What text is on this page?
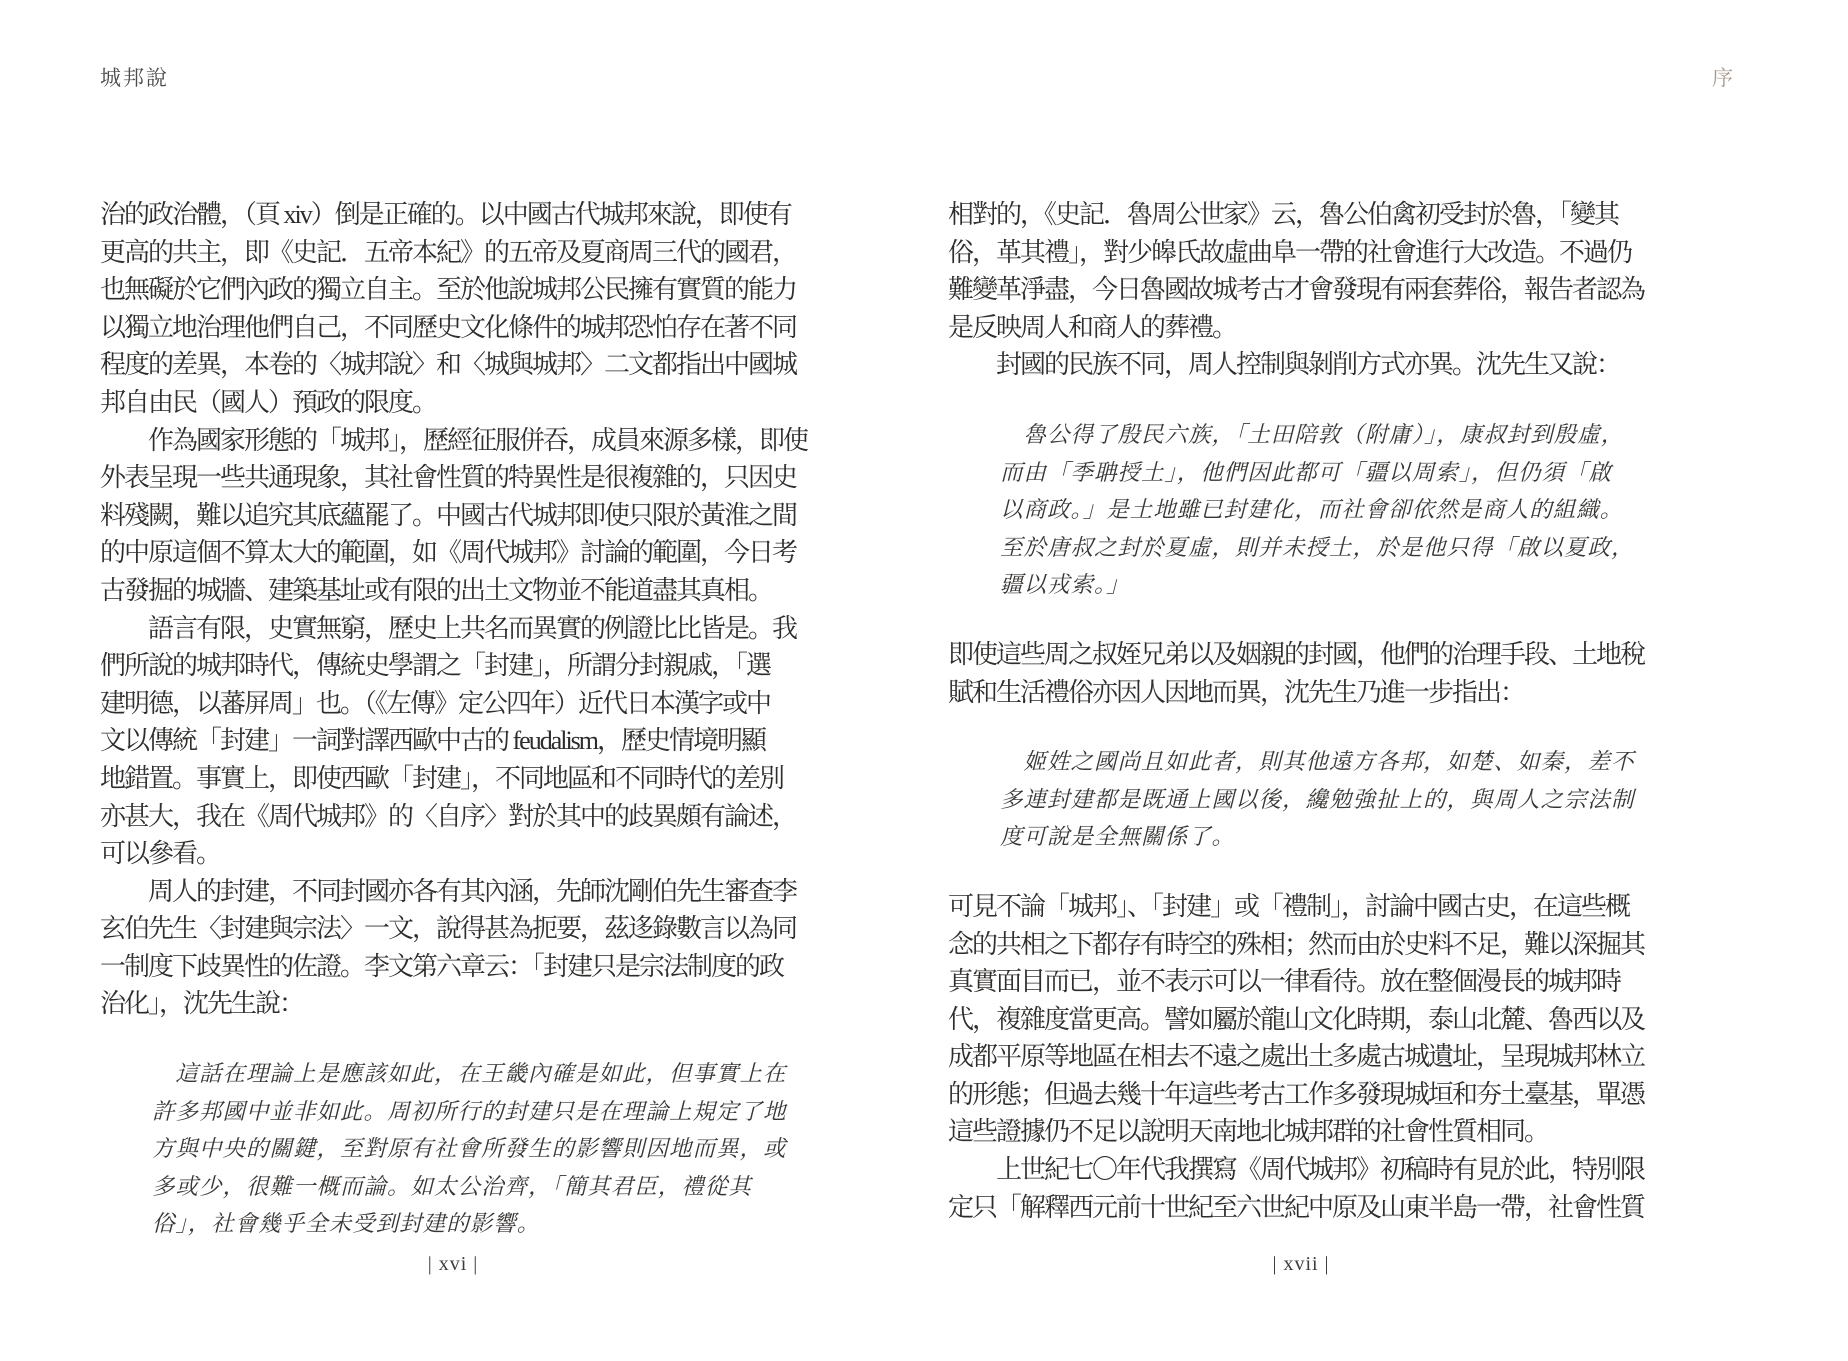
城邦說
治的政治體，（頁 xiv）倒是正確的。以中國古代城邦來說，即使有
更高的共主，即《史記．五帝本紀》的五帝及夏商周三代的國君，
也無礙於它們內政的獨立自主。至於他說城邦公民擁有實質的能力
以獨立地治理他們自己，不同歷史文化條件的城邦恐怕存在著不同
程度的差異，本卷的〈城邦說〉和〈城與城邦〉二文都指出中國城
邦自由民（國人）預政的限度。
　　作為國家形態的「城邦」，歷經征服併吞，成員來源多樣，即使
外表呈現一些共通現象，其社會性質的特異性是很複雜的，只因史
料殘闕，難以追究其底蘊罷了。中國古代城邦即使只限於黃淮之間
的中原這個不算太大的範圍，如《周代城邦》討論的範圍，今日考
古發掘的城牆、建築基址或有限的出土文物並不能道盡其真相。
　　語言有限，史實無窮，歷史上共名而異實的例證比比皆是。我
們所說的城邦時代，傳統史學謂之「封建」，所謂分封親戚，「選
建明德，以蕃屏周」也。（《左傳》定公四年）近代日本漢字或中
文以傳統「封建」一詞對譯西歐中古的 feudalism，歷史情境明顯
地錯置。事實上，即使西歐「封建」，不同地區和不同時代的差別
亦甚大，我在《周代城邦》的〈自序〉對於其中的歧異頗有論述，
可以參看。
　　周人的封建，不同封國亦各有其內涵，先師沈剛伯先生審查李
玄伯先生〈封建與宗法〉一文，說得甚為扼要，茲迻錄數言以為同
一制度下歧異性的佐證。李文第六章云：「封建只是宗法制度的政
治化」，沈先生說：
　這話在理論上是應該如此，在王畿內確是如此，但事實上在
許多邦國中並非如此。周初所行的封建只是在理論上規定了地
方與中央的關鍵，至對原有社會所發生的影響則因地而異，或
多或少，很難一概而論。如太公治齊，「簡其君臣，禮從其
俗」，社會幾乎全未受到封建的影響。
| xvi |
序
相對的，《史記．魯周公世家》云，魯公伯禽初受封於魯，「變其
俗，革其禮」，對少皞氏故虛曲阜一帶的社會進行大改造。不過仍
難變革淨盡，今日魯國故城考古才會發現有兩套葬俗，報告者認為
是反映周人和商人的葬禮。
　　封國的民族不同，周人控制與剝削方式亦異。沈先生又說：
　魯公得了殷民六族，「土田陪敦（附庸）」，康叔封到殷虛，
而由「季聃授土」，他們因此都可「疆以周索」，但仍須「啟
以商政。」是土地雖已封建化，而社會卻依然是商人的組織。
至於唐叔之封於夏虛，則并未授土，於是他只得「啟以夏政，
疆以戎索。」
即使這些周之叔姪兄弟以及姻親的封國，他們的治理手段、土地稅
賦和生活禮俗亦因人因地而異，沈先生乃進一步指出：
　姬姓之國尚且如此者，則其他遠方各邦，如楚、如秦，差不
多連封建都是既通上國以後，纔勉強扯上的，與周人之宗法制
度可說是全無關係了。
可見不論「城邦」、「封建」或「禮制」，討論中國古史，在這些概
念的共相之下都存有時空的殊相；然而由於史料不足，難以深掘其
真實面目而已，並不表示可以一律看待。放在整個漫長的城邦時
代，複雜度當更高。譬如屬於龍山文化時期，泰山北麓、魯西以及
成都平原等地區在相去不遠之處出土多處古城遺址，呈現城邦林立
的形態；但過去幾十年這些考古工作多發現城垣和夯土臺基，單憑
這些證據仍不足以說明天南地北城邦群的社會性質相同。
　　上世紀七〇年代我撰寫《周代城邦》初稿時有見於此，特別限
定只「解釋西元前十世紀至六世紀中原及山東半島一帶，社會性質
| xvii |
